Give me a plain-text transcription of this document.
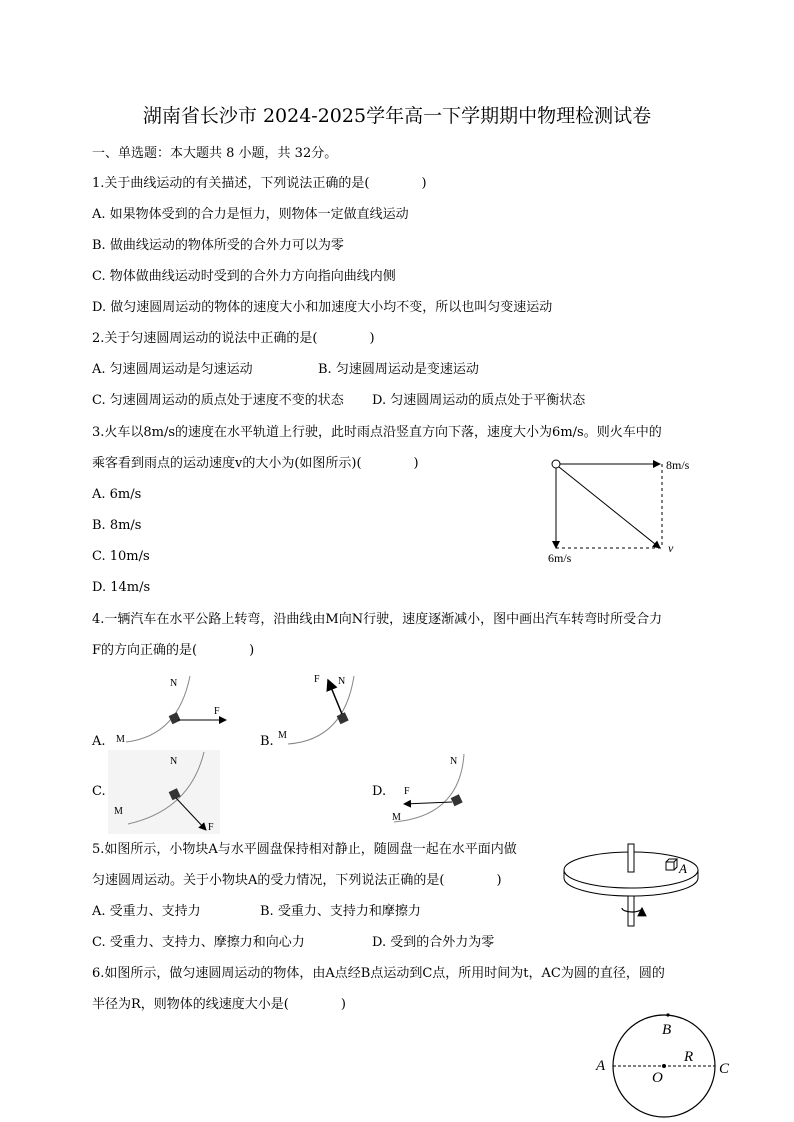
湖南省长沙市 2024-2025学年高一下学期期中物理检测试卷
一、单选题：本大题共 8 小题，共 32分。
1.关于曲线运动的有关描述，下列说法正确的是(　　　　)
A. 如果物体受到的合力是恒力，则物体一定做直线运动
B. 做曲线运动的物体所受的合外力可以为零
C. 物体做曲线运动时受到的合外力方向指向曲线内侧
D. 做匀速圆周运动的物体的速度大小和加速度大小均不变，所以也叫匀变速运动
2.关于匀速圆周运动的说法中正确的是(　　　　)
A. 匀速圆周运动是匀速运动	B. 匀速圆周运动是变速运动
C. 匀速圆周运动的质点处于速度不变的状态 D. 匀速圆周运动的质点处于平衡状态
3.火车以8m/s的速度在水平轨道上行驶，此时雨点沿竖直方向下落，速度大小为6m/s。则火车中的
乘客看到雨点的运动速度v的大小为(如图所示)(　　　　)
A. 6m/s
B. 8m/s
C. 10m/s
D. 14m/s
8m/s
6m/s
v
4.一辆汽车在水平公路上转弯，沿曲线由M向N行驶，速度逐渐减小，图中画出汽车转弯时所受合力
F的方向正确的是(　　　　)
A. M
N
F
B. M
N
F
C.
M
N
F
D.
M
N
F
5.如图所示，小物块A与水平圆盘保持相对静止，随圆盘一起在水平面内做
匀速圆周运动。关于小物块A的受力情况，下列说法正确的是(　　　　)
A. 受重力、支持力	B. 受重力、支持力和摩擦力
C. 受重力、支持力、摩擦力和向心力	D. 受到的合外力为零
A
6.如图所示，做匀速圆周运动的物体，由A点经B点运动到C点，所用时间为t，AC为圆的直径，圆的
半径为R，则物体的线速度大小是(　　　　)
A
B
C
O
R
